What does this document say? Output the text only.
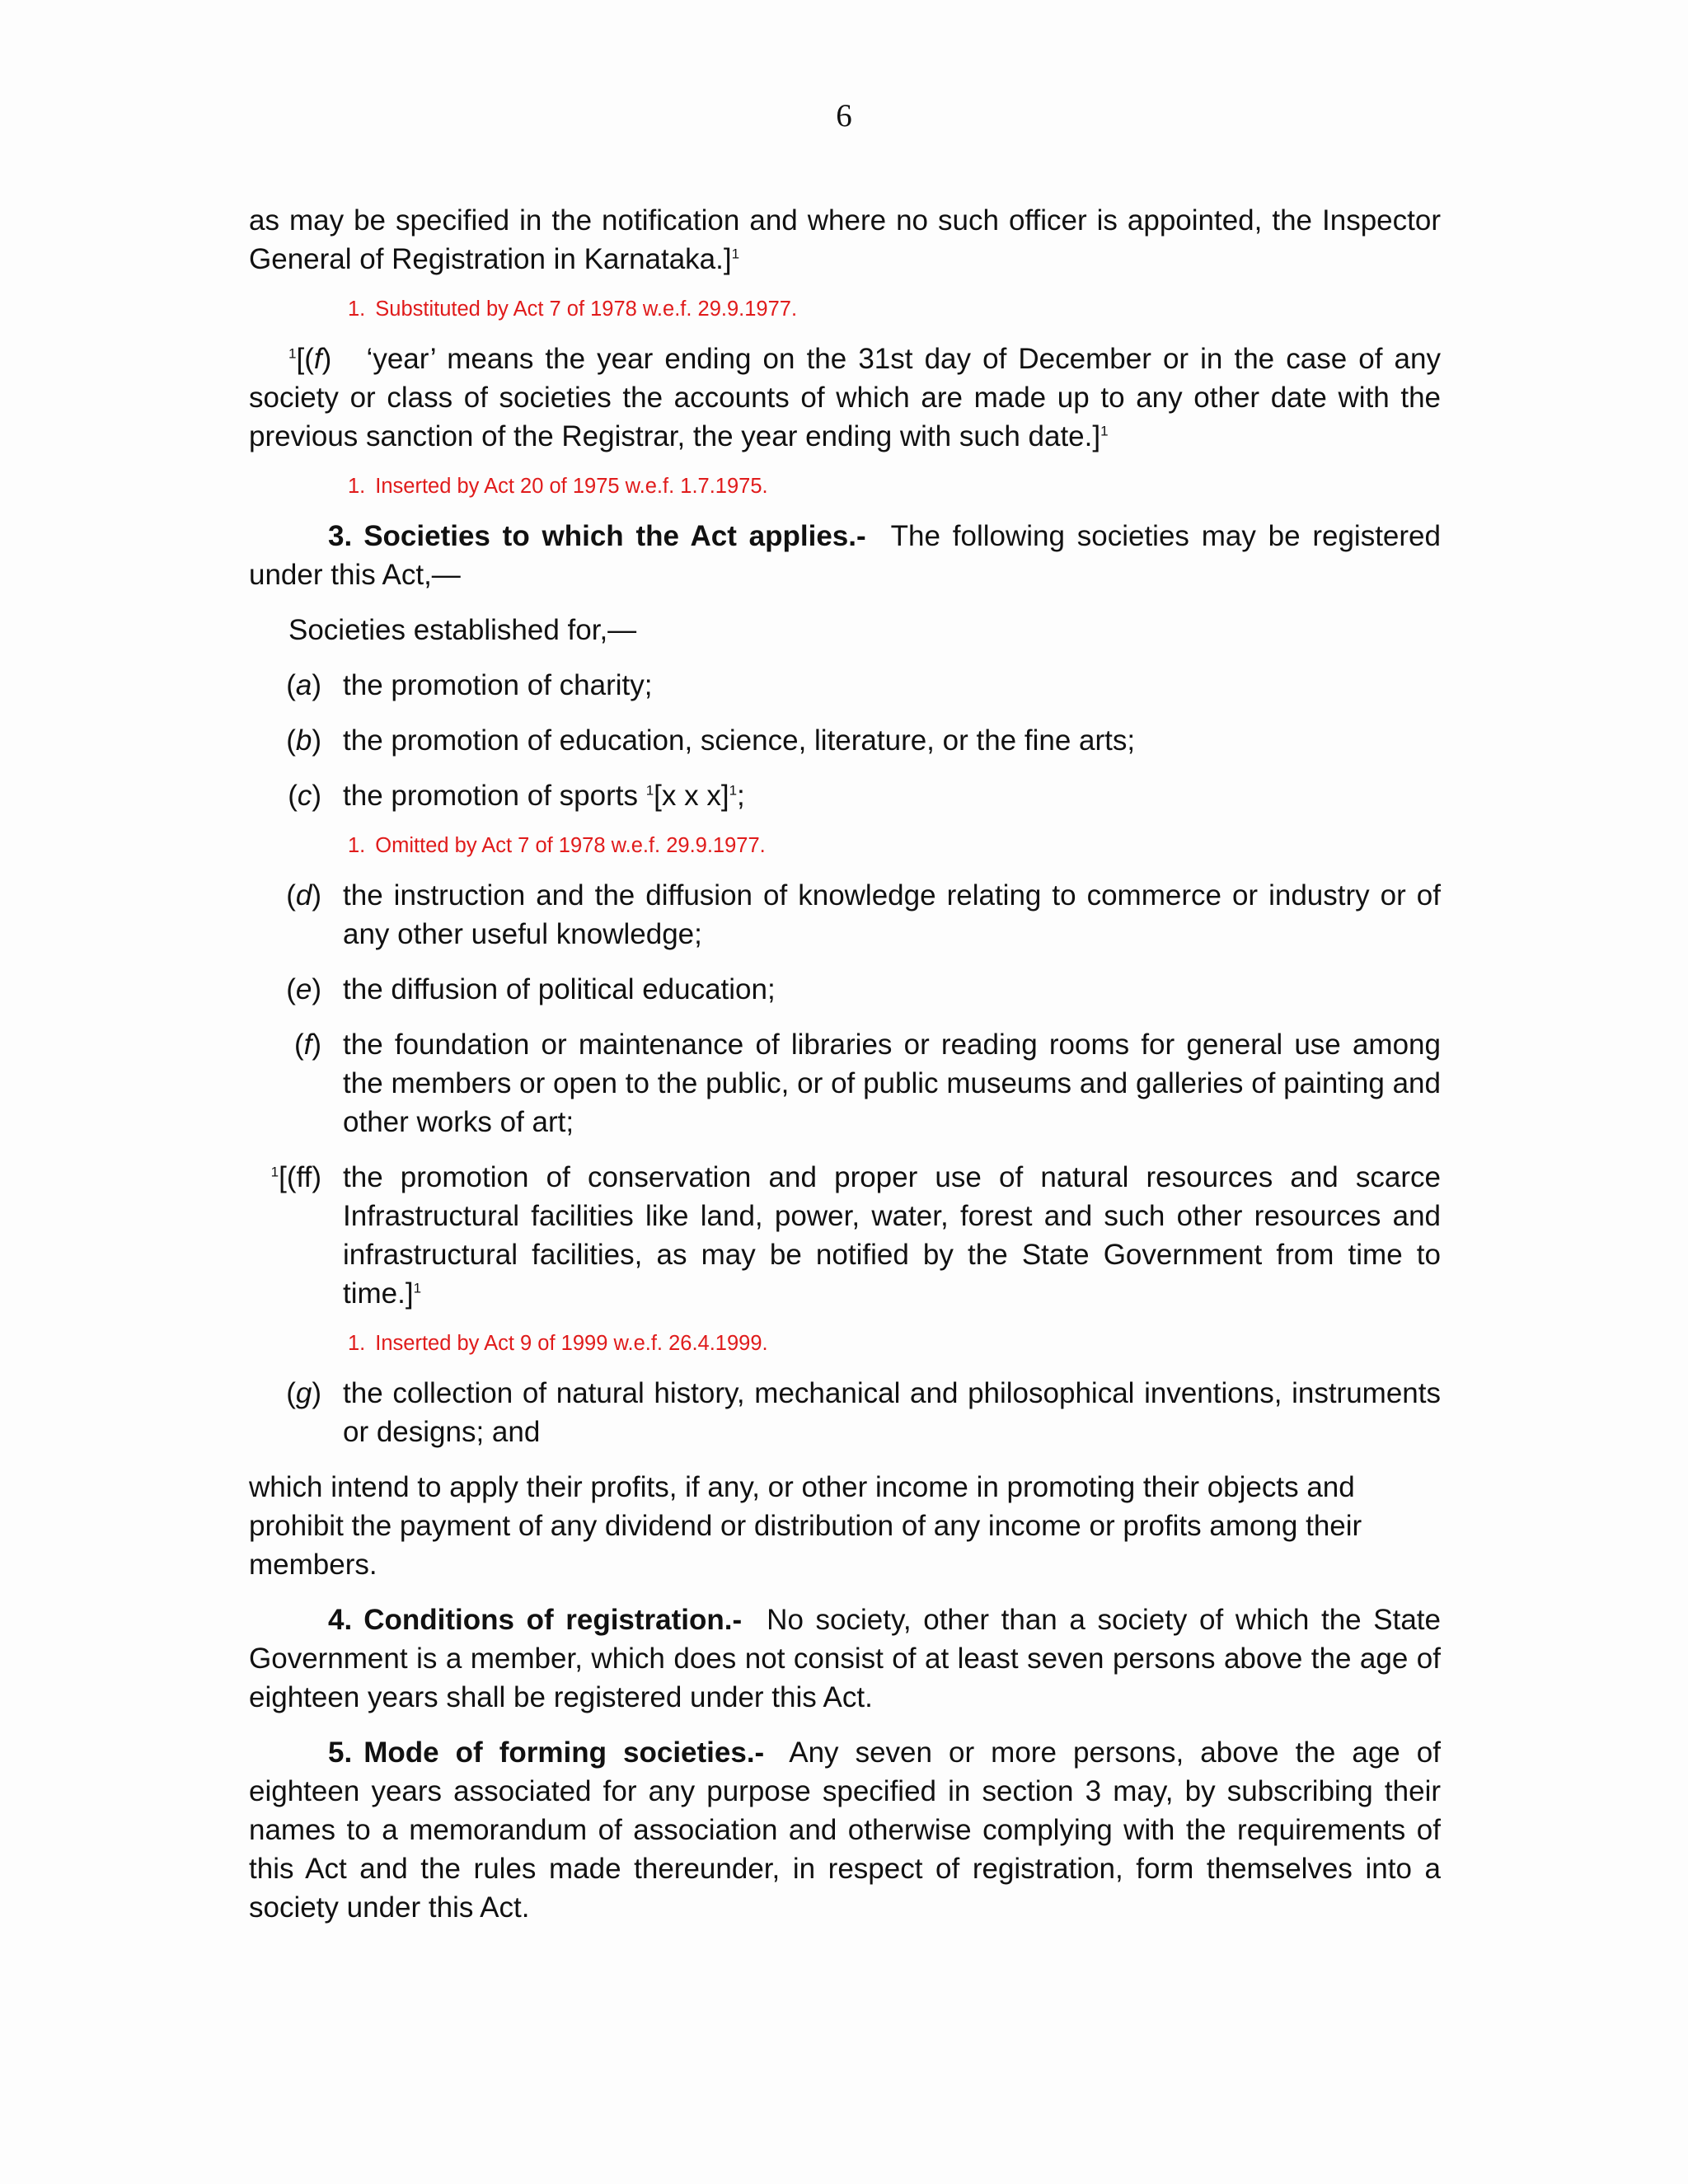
6

as may be specified in the notification and where no such officer is appointed, the Inspector General of Registration in Karnataka.]$^1$

1. Substituted by Act 7 of 1978 w.e.f. 29.9.1977.

$^1$[(f) ‘year’ means the year ending on the 31st day of December or in the case of any society or class of societies the accounts of which are made up to any other date with the previous sanction of the Registrar, the year ending with such date.]$^1$

1. Inserted by Act 20 of 1975 w.e.f. 1.7.1975.

3. Societies to which the Act applies.- The following societies may be registered under this Act,—

Societies established for,—

(a) the promotion of charity;
(b) the promotion of education, science, literature, or the fine arts;
(c) the promotion of sports $^1$[x x x]$^1$;

1. Omitted by Act 7 of 1978 w.e.f. 29.9.1977.

(d) the instruction and the diffusion of knowledge relating to commerce or industry or of any other useful knowledge;
(e) the diffusion of political education;
(f) the foundation or maintenance of libraries or reading rooms for general use among the members or open to the public, or of public museums and galleries of painting and other works of art;
$^1$[(ff) the promotion of conservation and proper use of natural resources and scarce Infrastructural facilities like land, power, water, forest and such other resources and infrastructural facilities, as may be notified by the State Government from time to time.]$^1$

1. Inserted by Act 9 of 1999 w.e.f. 26.4.1999.

(g) the collection of natural history, mechanical and philosophical inventions, instruments or designs; and

which intend to apply their profits, if any, or other income in promoting their objects and prohibit the payment of any dividend or distribution of any income or profits among their members.

4. Conditions of registration.- No society, other than a society of which the State Government is a member, which does not consist of at least seven persons above the age of eighteen years shall be registered under this Act.

5. Mode of forming societies.- Any seven or more persons, above the age of eighteen years associated for any purpose specified in section 3 may, by subscribing their names to a memorandum of association and otherwise complying with the requirements of this Act and the rules made thereunder, in respect of registration, form themselves into a society under this Act.
